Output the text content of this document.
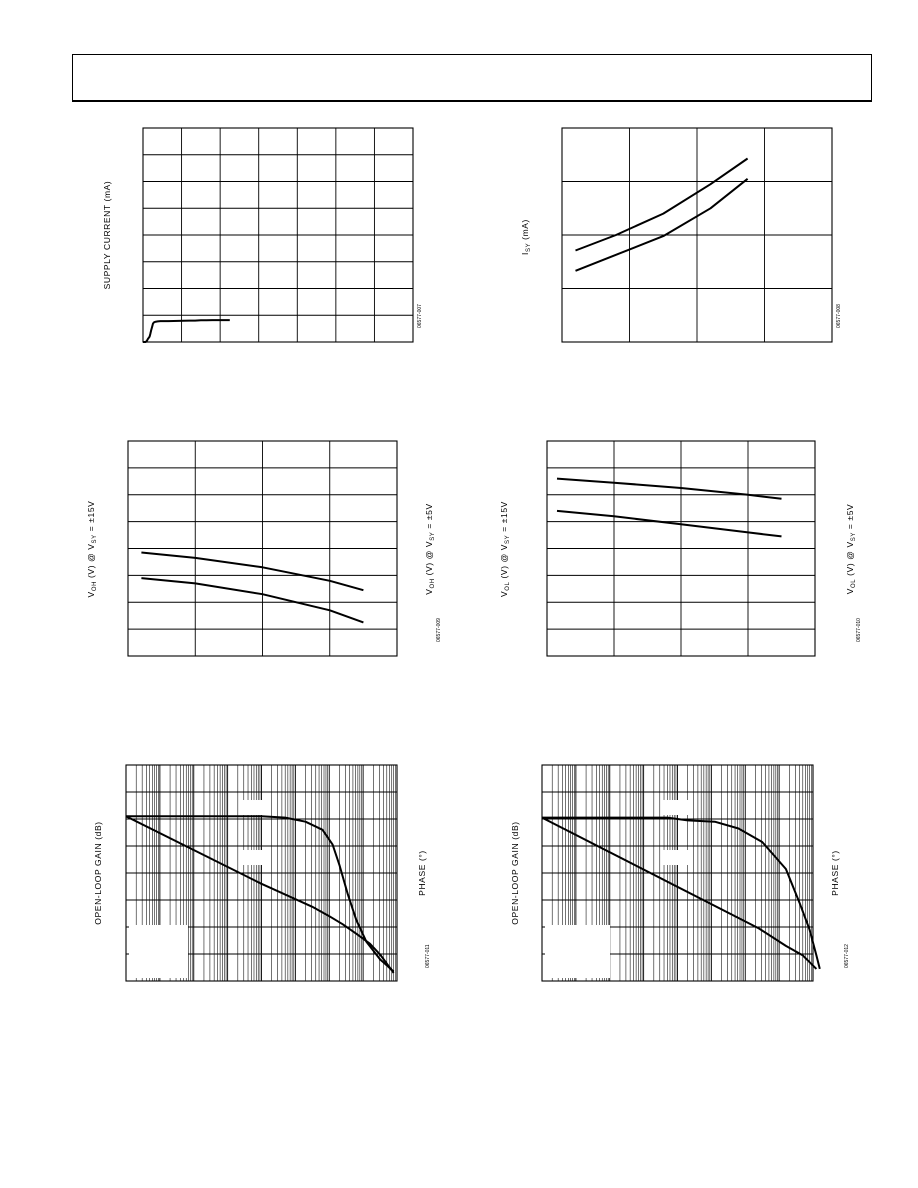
SUPPLY CURRENT (mA)
06577-007
$I_{SY}$ (mA)
06577-008
$V_{OH}$ (V) @ $V_{SY} = \pm 15V$
$V_{OH}$ (V) @ $V_{SY} = \pm 5V$
06577-009
$V_{OL}$ (V) @ $V_{SY} = \pm 15V$
$V_{OL}$ (V) @ $V_{SY} = \pm 5V$
06577-010
OPEN-LOOP GAIN (dB)	PHASE (°)
06577-011
OPEN-LOOP GAIN (dB)	PHASE (°)
06577-012
